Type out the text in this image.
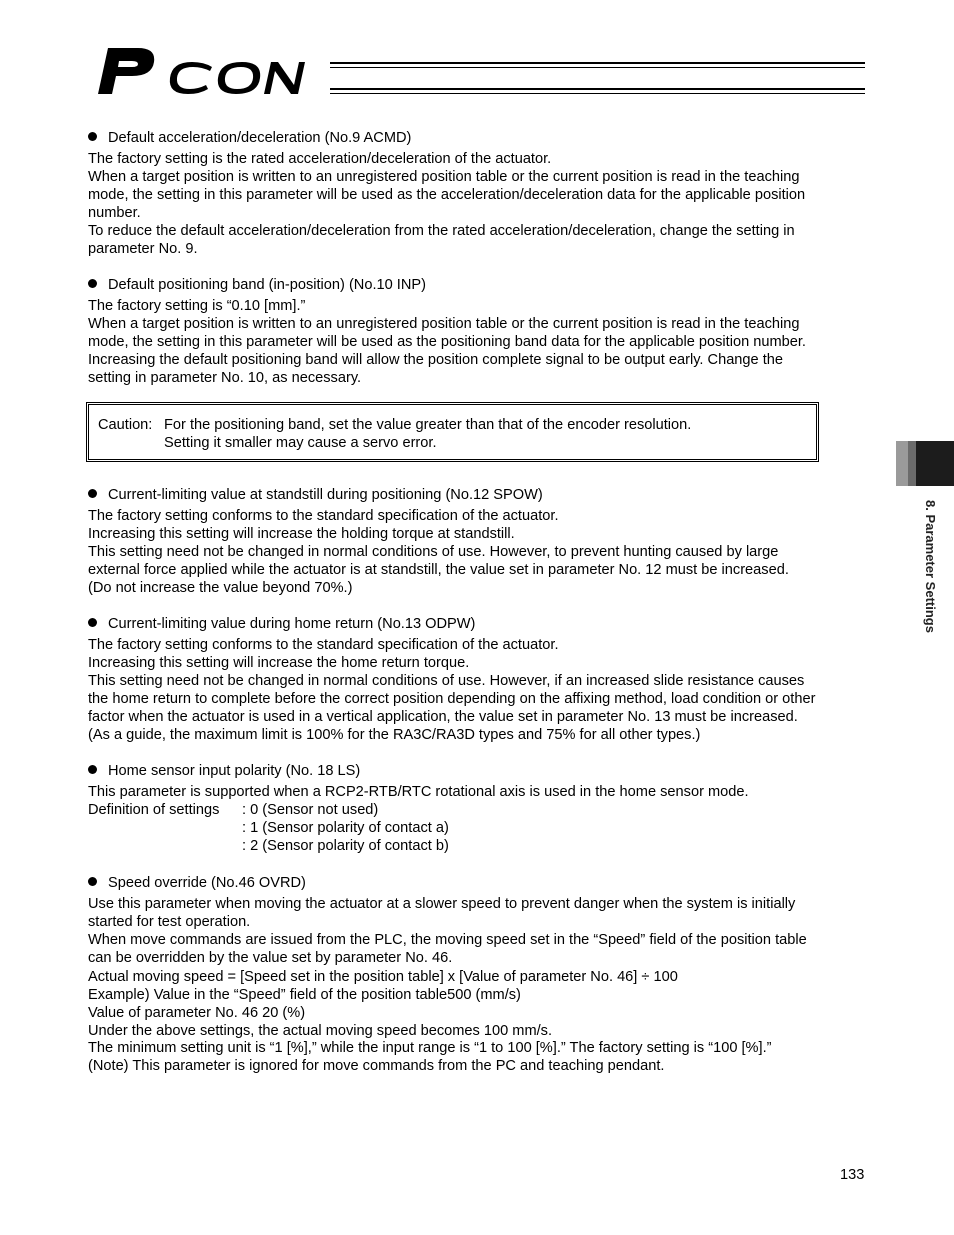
Default acceleration/deceleration (No.9 ACMD)
The factory setting is the rated acceleration/deceleration of the actuator.
When a target position is written to an unregistered position table or the current position is read in the teaching
mode, the setting in this parameter will be used as the acceleration/deceleration data for the applicable position
number.
To reduce the default acceleration/deceleration from the rated acceleration/deceleration, change the setting in
parameter No. 9.
Default positioning band (in-position) (No.10 INP)
The factory setting is “0.10 [mm].”
When a target position is written to an unregistered position table or the current position is read in the teaching
mode, the setting in this parameter will be used as the positioning band data for the applicable position number.
Increasing the default positioning band will allow the position complete signal to be output early. Change the
setting in parameter No. 10, as necessary.
Caution: For the positioning band, set the value greater than that of the encoder resolution.
Setting it smaller may cause a servo error.
Current-limiting value at standstill during positioning (No.12 SPOW)
The factory setting conforms to the standard specification of the actuator.
Increasing this setting will increase the holding torque at standstill.
This setting need not be changed in normal conditions of use. However, to prevent hunting caused by large
external force applied while the actuator is at standstill, the value set in parameter No. 12 must be increased.
(Do not increase the value beyond 70%.)
Current-limiting value during home return (No.13 ODPW)
The factory setting conforms to the standard specification of the actuator.
Increasing this setting will increase the home return torque.
This setting need not be changed in normal conditions of use. However, if an increased slide resistance causes
the home return to complete before the correct position depending on the affixing method, load condition or other
factor when the actuator is used in a vertical application, the value set in parameter No. 13 must be increased.
(As a guide, the maximum limit is 100% for the RA3C/RA3D types and 75% for all other types.)
Home sensor input polarity (No. 18 LS)
This parameter is supported when a RCP2-RTB/RTC rotational axis is used in the home sensor mode.
Definition of settings : 0 (Sensor not used)
: 1 (Sensor polarity of contact a)
: 2 (Sensor polarity of contact b)
Speed override (No.46 OVRD)
Use this parameter when moving the actuator at a slower speed to prevent danger when the system is initially
started for test operation.
When move commands are issued from the PLC, the moving speed set in the “Speed” field of the position table
can be overridden by the value set by parameter No. 46.
Actual moving speed = [Speed set in the position table] x [Value of parameter No. 46] ÷ 100
Example) Value in the “Speed” field of the position table500 (mm/s)
Value of parameter No. 46 20 (%)
Under the above settings, the actual moving speed becomes 100 mm/s.
The minimum setting unit is “1 [%],” while the input range is “1 to 100 [%].” The factory setting is “100 [%].”
(Note) This parameter is ignored for move commands from the PC and teaching pendant.
8. Parameter Settings
133
